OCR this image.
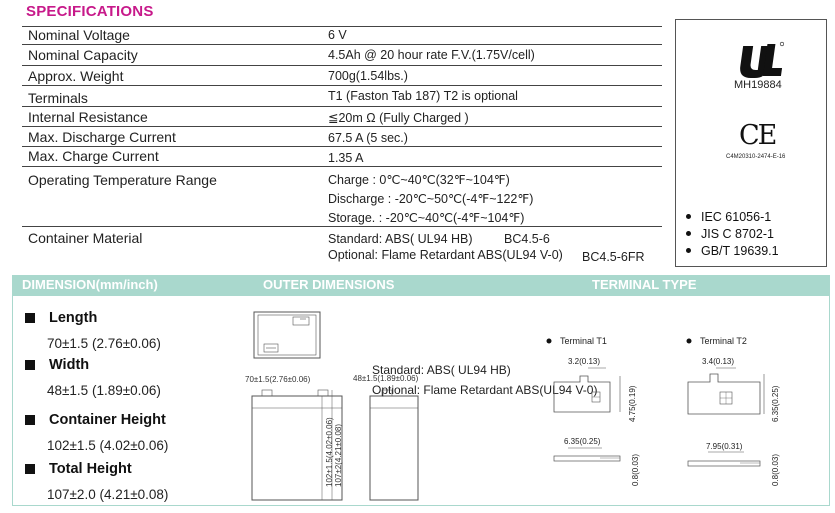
SPECIFICATIONS
Nominal Voltage	6 V
Nominal Capacity	4.5Ah @ 20 hour rate F.V.(1.75V/cell)
Approx. Weight	700g(1.54lbs.)
Terminals	T1 (Faston Tab 187) T2 is optional
Internal Resistance	≦20m Ω (Fully Charged )
Max. Discharge Current	67.5 A (5 sec.)
Max. Charge Current	1.35 A
Operating Temperature Range	Charge : 0℃~40℃(32℉~104℉)
Discharge : -20℃~50℃(-4℉~122℉)
Storage. : -20℃~40℃(-4℉~104℉)
Container Material	Standard: ABS( UL94 HB)	BC4.5-6
Optional: Flame Retardant ABS(UL94 V-0) BC4.5-6FR
MH19884
CE
C4M20310-2474-E-16
IEC 61056-1
JIS C 8702-1
GB/T 19639.1
DIMENSION(mm/inch)	OUTER DIMENSIONS	TERMINAL TYPE
Length
70±1.5 (2.76±0.06)
Width
48±1.5 (1.89±0.06)
Container Height
102±1.5 (4.02±0.06)
Total Height
107±2.0 (4.21±0.08)
70±1.5(2.76±0.06)	48±1.5(1.89±0.06)
102±1.5(4.02±0.06) 107±2(4.21±0.08)
Standard: ABS( UL94 HB)
Optional: Flame Retardant ABS(UL94 V-0)
Terminal T1
3.2(0.13)
4.75(0.19)
6.35(0.25)
0.8(0.03)
Terminal T2
3.4(0.13)
6.35(0.25)
7.95(0.31)
0.8(0.03)
